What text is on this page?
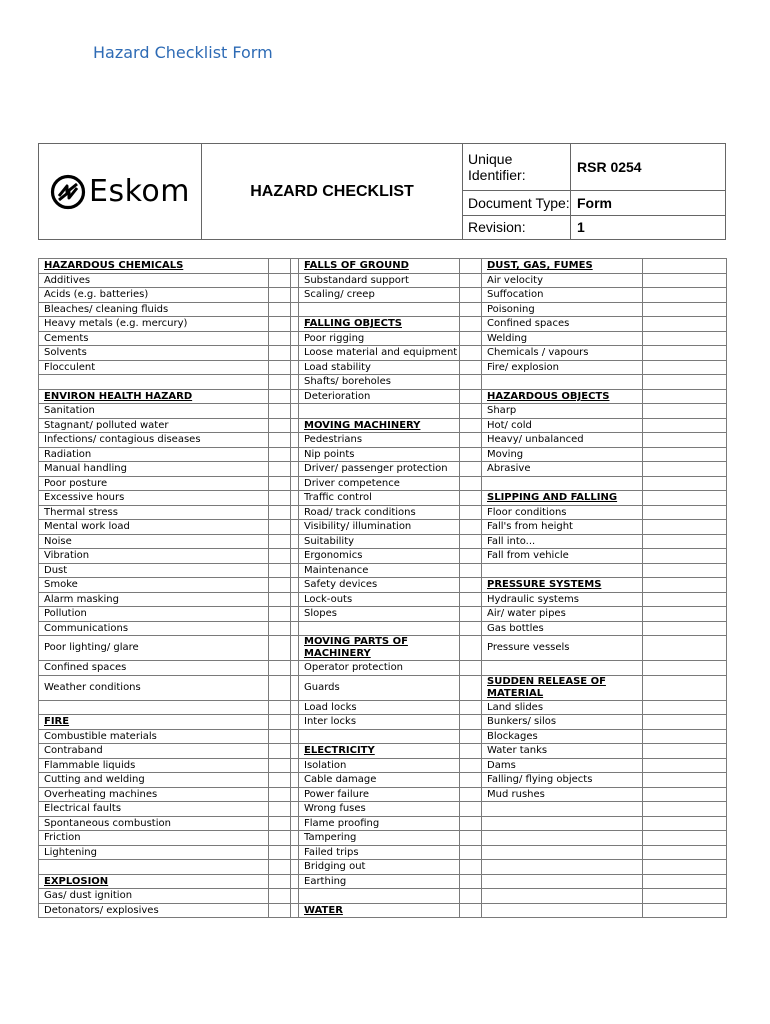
Hazard Checklist Form
Eskom	HAZARD CHECKLIST	Unique Identifier:	RSR 0254
		Document Type:	Form
		Revision:	1
HAZARDOUS CHEMICALS			FALLS OF GROUND		DUST, GAS, FUMES	
Additives			Substandard support		Air velocity	
Acids (e.g. batteries)			Scaling/ creep		Suffocation	
Bleaches/ cleaning fluids					Poisoning	
Heavy metals (e.g. mercury)			FALLING OBJECTS		Confined spaces	
Cements			Poor rigging		Welding	
Solvents			Loose material and equipment		Chemicals / vapours	
Flocculent			Load stability		Fire/ explosion	
			Shafts/ boreholes			
ENVIRON HEALTH HAZARD			Deterioration		HAZARDOUS OBJECTS	
Sanitation					Sharp	
Stagnant/ polluted water			MOVING MACHINERY		Hot/ cold	
Infections/ contagious diseases			Pedestrians		Heavy/ unbalanced	
Radiation			Nip points		Moving	
Manual handling			Driver/ passenger protection		Abrasive	
Poor posture			Driver competence			
Excessive hours			Traffic control		SLIPPING AND FALLING	
Thermal stress			Road/ track conditions		Floor conditions	
Mental work load			Visibility/ illumination		Fall's from height	
Noise			Suitability		Fall into...	
Vibration			Ergonomics		Fall from vehicle	
Dust			Maintenance			
Smoke			Safety devices		PRESSURE SYSTEMS	
Alarm masking			Lock-outs		Hydraulic systems	
Pollution			Slopes		Air/ water pipes	
Communications					Gas bottles	
Poor lighting/ glare			MOVING PARTS OF MACHINERY		Pressure vessels	
Confined spaces			Operator protection			
Weather conditions			Guards		SUDDEN RELEASE OF MATERIAL	
			Load locks		Land slides	
FIRE			Inter locks		Bunkers/ silos	
Combustible materials					Blockages	
Contraband			ELECTRICITY		Water tanks	
Flammable liquids			Isolation		Dams	
Cutting and welding			Cable damage		Falling/ flying objects	
Overheating machines			Power failure		Mud rushes	
Electrical faults			Wrong fuses			
Spontaneous combustion			Flame proofing			
Friction			Tampering			
Lightening			Failed trips			
			Bridging out			
EXPLOSION			Earthing			
Gas/ dust ignition						
Detonators/ explosives			WATER			
